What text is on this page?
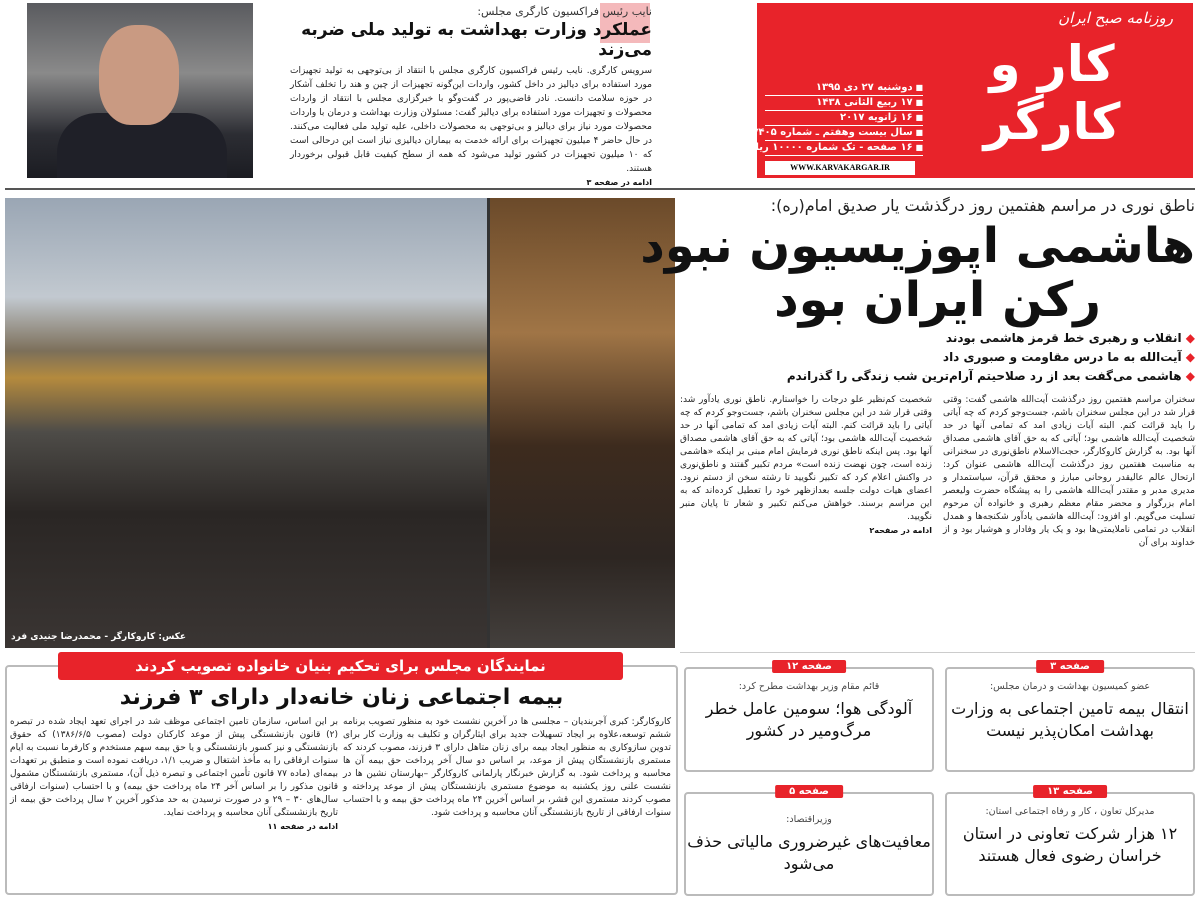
روزنامه صبح ایران
کار و کارگر
■ دوشنبه ۲۷ دی ۱۳۹۵
■ ۱۷ ربیع الثانی ۱۴۳۸
■ ۱۶ ژانویه ۲۰۱۷
■ سال بیست وهفتم ـ شماره ۷۴۰۵
■ ۱۶ صفحه - تک شماره ۱۰۰۰۰ ریال
WWW.KARVAKARGAR.IR
نایب رئیس فراکسیون کارگری مجلس:
عملکرد وزارت بهداشت به تولید ملی ضربه می‌زند
سرویس کارگری. نایب رئیس فراکسیون کارگری مجلس با انتقاد از بی‌توجهی به تولید تجهیزات مورد استفاده برای دیالیز در داخل کشور، واردات این‌گونه تجهیزات از چین و هند را تخلف آشکار در حوزه سلامت دانست. نادر قاضی‌پور در گفت‌وگو با خبرگزاری مجلس با انتقاد از واردات محصولات و تجهیزات مورد استفاده برای دیالیز گفت: مسئولان وزارت بهداشت و درمان با واردات محصولات مورد نیاز برای دیالیز و بی‌توجهی به محصولات داخلی، علیه تولید ملی فعالیت می‌کنند. در حال حاضر ۴ میلیون تجهیزات برای ارائه خدمت به بیماران دیالیزی نیاز است این درحالی است که ۱۰ میلیون تجهیزات در کشور تولید می‌شود که همه از سطح کیفیت قابل قبولی برخوردار هستند.
ادامه در صفحه ۳
عکس: کاروکارگر - محمدرضا جنیدی فرد
ناطق نوری در مراسم هفتمین روز درگذشت یار صدیق امام(ره):
هاشمی اپوزیسیون نبود
رکن ایران بود
◆ انقلاب و رهبری خط قرمز هاشمی بودند
◆ آیت‌الله به ما درس مقاومت و صبوری داد
◆ هاشمی می‌گفت بعد از رد صلاحیتم آرام‌ترین شب زندگی را گذراندم
سخنران مراسم هفتمین روز درگذشت آیت‌الله هاشمی گفت: وقتی قرار شد در این مجلس سخنران باشم، جست‌وجو کردم که چه آیاتی را باید قرائت کنم. البته آیات زیادی امد که تمامی آنها در حد شخصیت آیت‌الله هاشمی بود؛ آیاتی که به حق آقای هاشمی مصداق آنها بود. به گزارش کاروکارگر، حجت‌الاسلام ناطق‌نوری در سخنرانی به مناسبت هفتمین روز درگذشت آیت‌الله هاشمی عنوان کرد: ارتحال عالم عالیقدر روحانی مبارز و محقق قرآن، سیاستمدار و مدیری مدبر و مقتدر آیت‌الله هاشمی را به پیشگاه حضرت ولیعصر امام بزرگوار و محضر مقام معظم رهبری و خانواده آن مرحوم تسلیت می‌گویم. او افزود: آیت‌الله هاشمی یادآور شکنجه‌ها و همدل انقلاب در تمامی ناملایمتی‌ها بود و یک یار وفادار و هوشیار بود و از خداوند برای آن
شخصیت کم‌نظیر علو درجات را خواستارم. ناطق نوری یادآور شد: وقتی قرار شد در این مجلس سخنران باشم، جست‌وجو کردم که چه آیاتی را باید قرائت کنم. البته آیات زیادی امد که تمامی آنها در حد شخصیت آیت‌الله هاشمی بود؛ آیاتی که به حق آقای هاشمی مصداق آنها بود. پس اینکه ناطق نوری فرمایش امام مبنی بر اینکه «هاشمی زنده است، چون نهضت زنده است» مردم تکبیر گفتند و ناطق‌نوری در واکنش اعلام کرد که تکبیر نگویید تا رشته سخن از دستم نرود. اعضای هیات دولت جلسه بعدازظهر خود را تعطیل کرده‌اند که به این مراسم برسند. خواهش می‌کنم تکبیر و شعار تا پایان منبر نگویید.
ادامه در صفحه۲
نمایندگان مجلس برای تحکیم بنیان خانواده تصویب کردند
بیمه اجتماعی زنان خانه‌دار دارای ۳ فرزند
کاروکارگر: کبری آجربندیان – مجلسی ها در آخرین نشست خود به منظور تصویب برنامه ششم توسعه،علاوه بر ایجاد تسهیلات جدید برای ایثارگران و تکلیف به وزارت کار برای تدوین سازوکاری به منظور ایجاد بیمه برای زنان متاهل دارای ۳ فرزند، مصوب کردند که مستمری بازنشستگان پیش از موعد، بر اساس دو سال آخر پرداخت حق بیمه آن ها محاسبه و پرداخت شود. به گزارش خبرنگار پارلمانی کاروکارگر –بهارستان نشین ها در نشست علنی روز یکشنبه به موضوع مستمری بازنشستگان پیش از موعد پرداخته و مصوب کردند مستمری این قشر، بر اساس آخرین ۲۴ ماه پرداخت حق بیمه و با احتساب سنوات ارفاقی از تاریخ بازنشستگی آنان محاسبه و پرداخت شود.
بر این اساس، سازمان تامین اجتماعی موظف شد در اجرای تعهد ایجاد شده در تبصره (۲) قانون بازنشستگی پیش از موعد کارکنان دولت (مصوب ۱۳۸۶/۶/۵) که حقوق بازنشستگی و نیز کسور بازنشستگی و یا حق بیمه سهم مستخدم و کارفرما نسبت به ایام سنوات ارفاقی را به مأخذ اشتغال و ضریب ۱/۱، دریافت نموده است و منطبق بر تعهدات بیمه‌ای (ماده ۷۷ قانون تأمین اجتماعی و تبصره ذیل آن)، مستمری بازنشستگان مشمول قانون مذکور را بر اساس آخر ۲۴ ماه پرداخت حق بیمه) و با احتساب (سنوات ارفاقی سال‌های ۳۰ – ۲۹ و در صورت نرسیدن به حد مذکور آخرین ۲ سال پرداخت حق بیمه از تاریخ بازنشستگی آنان محاسبه و پرداخت نماید.
ادامه در صفحه ۱۱
صفحه ۳
عضو کمیسیون بهداشت و درمان مجلس:
انتقال بیمه تامین اجتماعی به وزارت بهداشت امکان‌پذیر نیست
صفحه ۱۲
قائم مقام وزیر بهداشت مطرح کرد:
آلودگی هوا؛ سومین عامل خطر مرگ‌ومیر در کشور
صفحه ۱۳
مدیرکل تعاون ، کار و رفاه اجتماعی استان:
۱۲ هزار شرکت تعاونی در استان خراسان رضوی فعال هستند
صفحه ۵
وزیراقتصاد:
معافیت‌های غیرضروری مالیاتی حذف می‌شود
